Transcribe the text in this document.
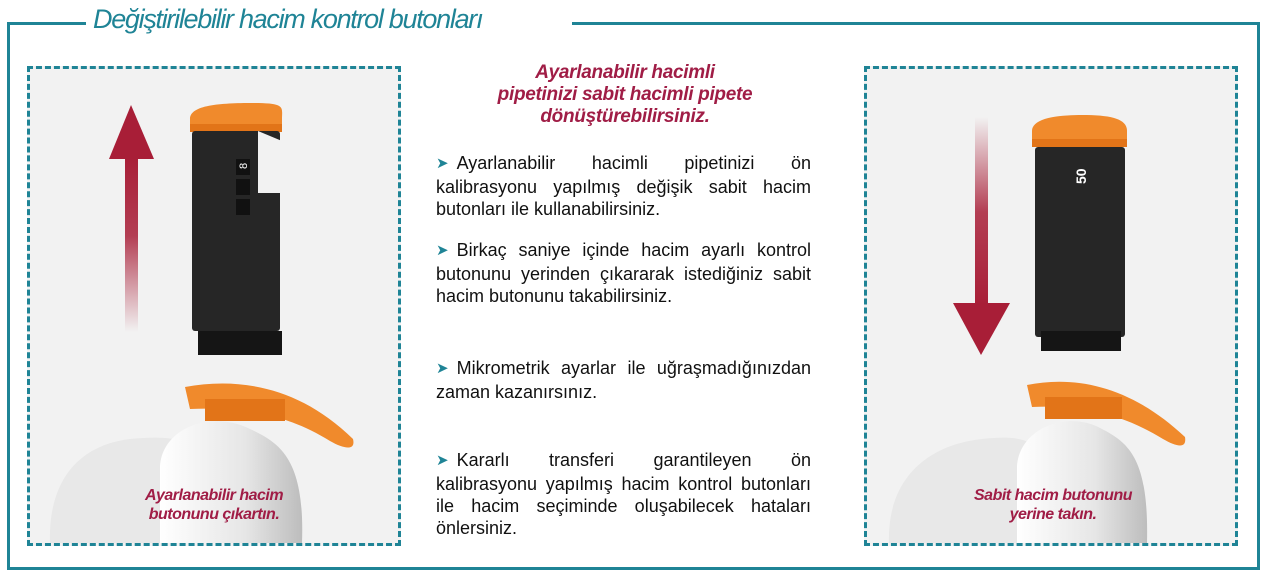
Değiştirilebilir hacim kontrol butonları
8
Ayarlanabilir hacim
butonunu çıkartın.
Ayarlanabilir hacimli
pipetinizi sabit hacimli pipete
dönüştürebilirsiniz.
➤ Ayarlanabilir hacimli pipetinizi ön kalibrasyonu yapılmış değişik sabit hacim butonları ile kullanabilirsiniz.
➤ Birkaç saniye içinde hacim ayarlı kontrol butonunu yerinden çıkararak istediğiniz sabit hacim butonunu takabilirsiniz.
➤ Mikrometrik ayarlar ile uğraşmadığınızdan zaman kazanırsınız.
➤ Kararlı transferi garantileyen ön kalibrasyonu yapılmış hacim kontrol butonları ile hacim seçiminde oluşabilecek hataları önlersiniz.
50
Sabit hacim butonunu
yerine takın.
